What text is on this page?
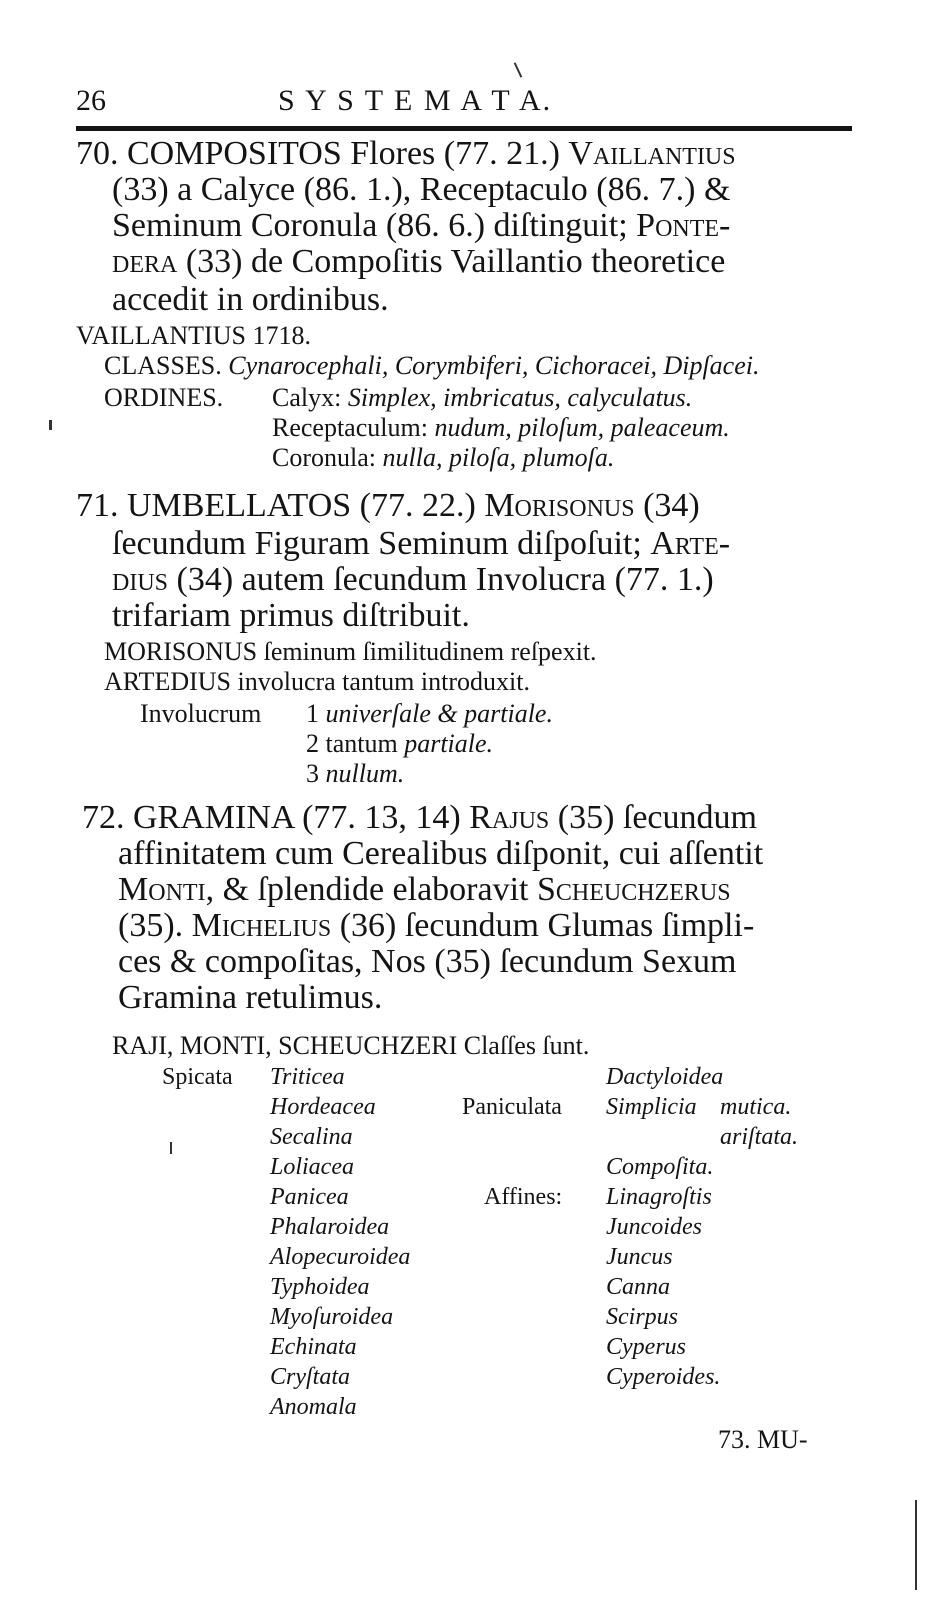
26	S Y S T E M A T A.
70. COMPOSITOS Flores (77. 21.) Vaillantius
(33) a Calyce (86. 1.), Receptaculo (86. 7.) &
Seminum Coronula (86. 6.) diſtinguit; Ponte-
dera (33) de Compoſitis Vaillantio theoretice
accedit in ordinibus.
VAILLANTIUS 1718.
CLASSES. Cynarocephali, Corymbiferi, Cichoracei, Dipſacei.
ORDINES. Calyx: Simplex, imbricatus, calyculatus.
Receptaculum: nudum, piloſum, paleaceum.
Coronula: nulla, piloſa, plumoſa.
71. UMBELLATOS (77. 22.) Morisonus (34)
ſecundum Figuram Seminum diſpoſuit; Arte-
dius (34) autem ſecundum Involucra (77. 1.)
trifariam primus diſtribuit.
MORISONUS ſeminum ſimilitudinem reſpexit.
ARTEDIUS involucra tantum introduxit.
Involucrum 1 univerſale & partiale.
2 tantum partiale.
3 nullum.
72. GRAMINA (77. 13, 14) Rajus (35) ſecundum
affinitatem cum Cerealibus diſponit, cui aſſentit
Monti, & ſplendide elaboravit Scheuchzerus
(35). Michelius (36) ſecundum Glumas ſimpli-
ces & compoſitas, Nos (35) ſecundum Sexum
Gramina retulimus.
RAJI, MONTI, SCHEUCHZERI Claſſes ſunt.
Spicata Triticea
Hordeacea
Secalina
Loliacea
Panicea
Phalaroidea
Alopecuroidea
Typhoidea
Myoſuroidea
Echinata
Cryſtata
Anomala
Dactyloidea
Paniculata Simplicia mutica.
ariſtata.
Compoſita.
Affines: Linagroſtis
Juncoides
Juncus
Canna
Scirpus
Cyperus
Cyperoides.
73. MU-
